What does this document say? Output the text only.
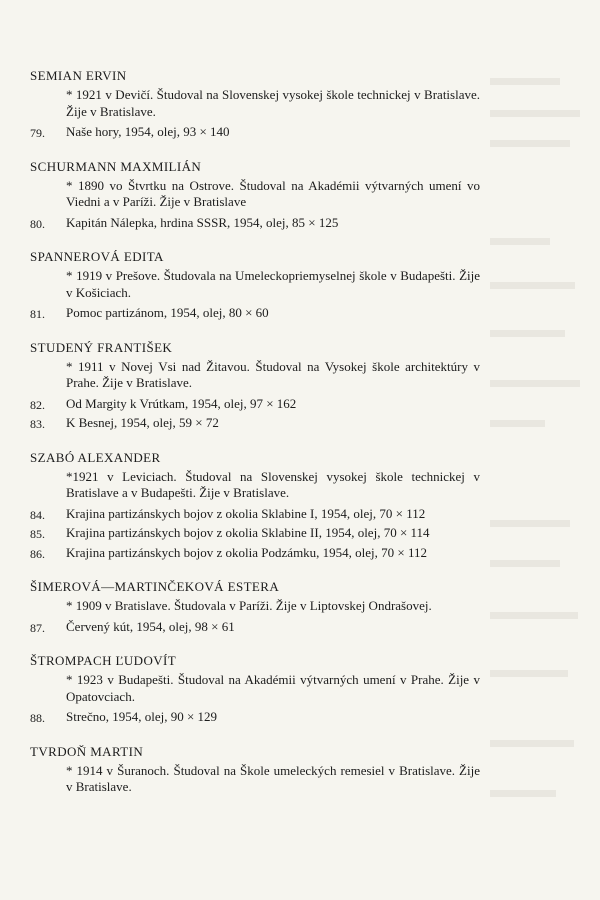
SEMIAN ERVIN
* 1921 v Devičí. Študoval na Slovenskej vysokej škole technickej v Bratislave. Žije v Bratislave.
79.	Naše hory, 1954, olej, 93 × 140
SCHURMANN MAXMILIÁN
* 1890 vo Štvrtku na Ostrove. Študoval na Akadémii výtvarných umení vo Viedni a v Paríži. Žije v Bratislave
80.	Kapitán Nálepka, hrdina SSSR, 1954, olej, 85 × 125
SPANNEROVÁ EDITA
* 1919 v Prešove. Študovala na Umeleckopriemyselnej škole v Budapešti. Žije v Košiciach.
81.	Pomoc partizánom, 1954, olej, 80 × 60
STUDENÝ FRANTIŠEK
* 1911 v Novej Vsi nad Žitavou. Študoval na Vysokej škole architektúry v Prahe. Žije v Bratislave.
82.	Od Margity k Vrútkam, 1954, olej, 97 × 162
83.	K Besnej, 1954, olej, 59 × 72
SZABÓ ALEXANDER
*1921 v Leviciach. Študoval na Slovenskej vysokej škole technickej v Bratislave a v Budapešti. Žije v Bratislave.
84.	Krajina partizánskych bojov z okolia Sklabine I, 1954, olej, 70 × 112
85.	Krajina partizánskych bojov z okolia Sklabine II, 1954, olej, 70 × 114
86.	Krajina partizánskych bojov z okolia Podzámku, 1954, olej, 70 × 112
ŠIMEROVÁ—MARTINČEKOVÁ ESTERA
* 1909 v Bratislave. Študovala v Paríži. Žije v Liptovskej Ondrašovej.
87.	Červený kút, 1954, olej, 98 × 61
ŠTROMPACH ĽUDOVÍT
* 1923 v Budapešti. Študoval na Akadémii výtvarných umení v Prahe. Žije v Opatovciach.
88.	Strečno, 1954, olej, 90 × 129
TVRDOŇ MARTIN
* 1914 v Šuranoch. Študoval na Škole umeleckých remesiel v Bratislave. Žije v Bratislave.
